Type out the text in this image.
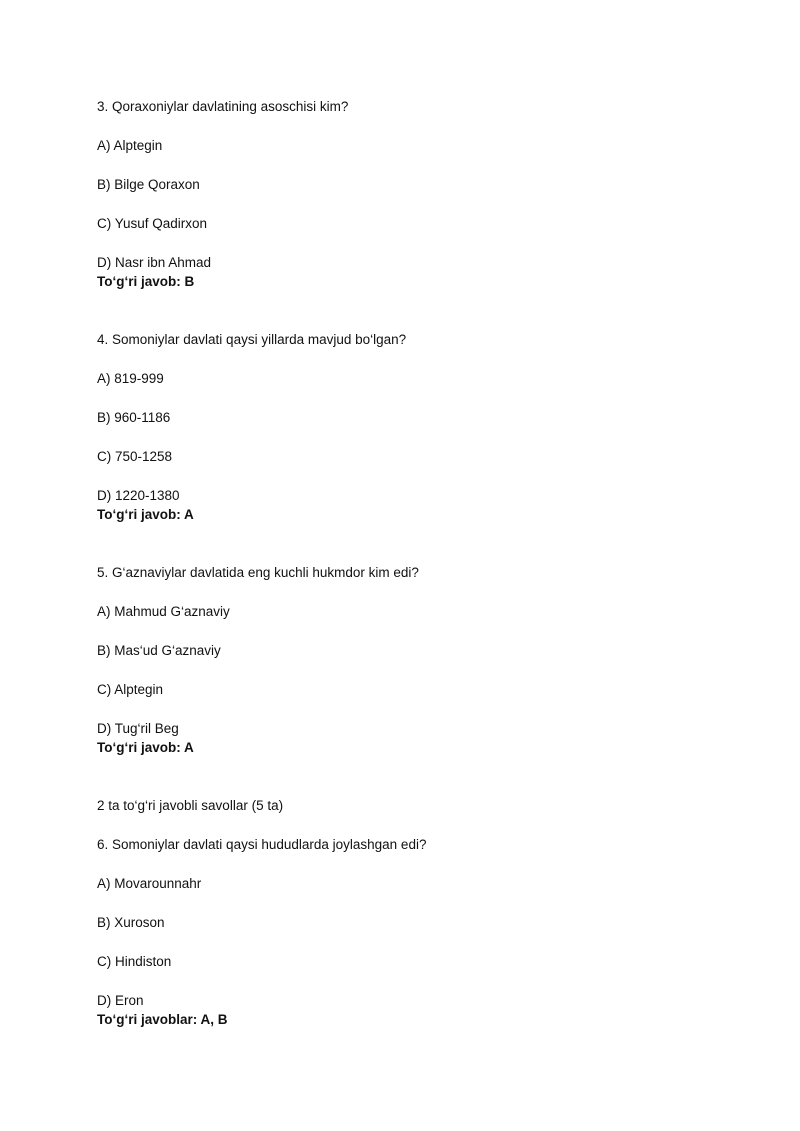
3. Qoraxoniylar davlatining asoschisi kim?
A) Alptegin
B) Bilge Qoraxon
C) Yusuf Qadirxon
D) Nasr ibn Ahmad
To‘g‘ri javob: B
4. Somoniylar davlati qaysi yillarda mavjud bo‘lgan?
A) 819-999
B) 960-1186
C) 750-1258
D) 1220-1380
To‘g‘ri javob: A
5. G‘aznaviylar davlatida eng kuchli hukmdor kim edi?
A) Mahmud G‘aznaviy
B) Mas‘ud G‘aznaviy
C) Alptegin
D) Tug‘ril Beg
To‘g‘ri javob: A
2 ta to‘g‘ri javobli savollar (5 ta)
6. Somoniylar davlati qaysi hududlarda joylashgan edi?
A) Movarounnahr
B) Xuroson
C) Hindiston
D) Eron
To‘g‘ri javoblar: A, B
